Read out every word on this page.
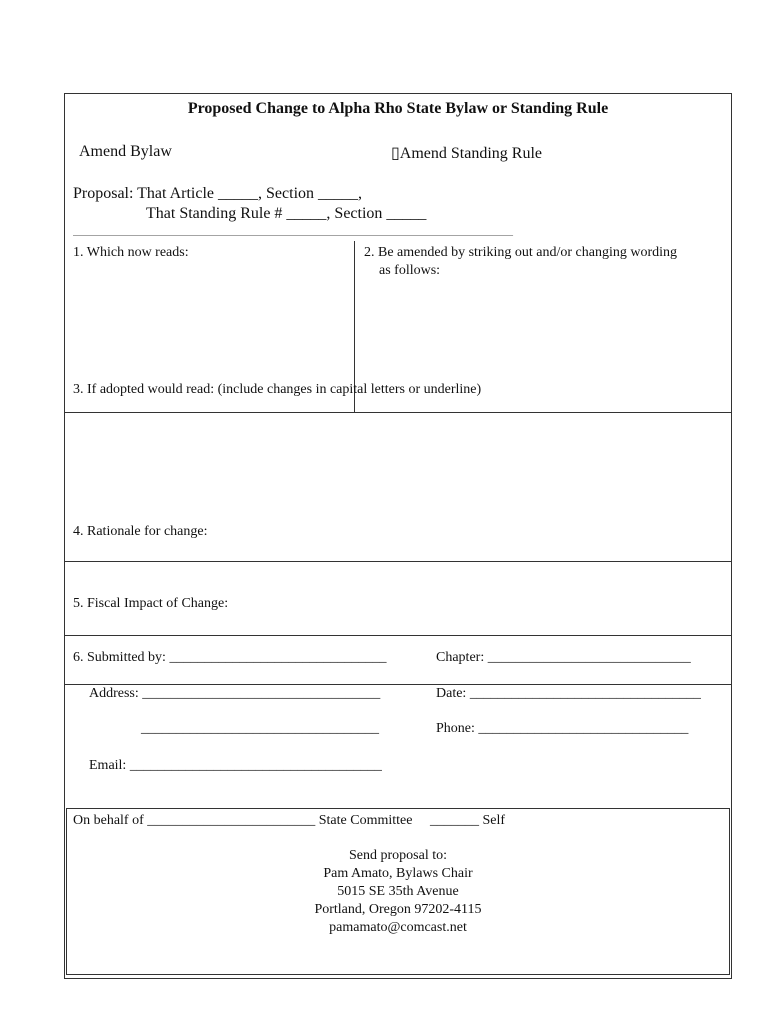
Proposed Change to Alpha Rho State Bylaw or Standing Rule
Amend Bylaw	▯Amend Standing Rule
Proposal: That Article _____, Section _____,
That Standing Rule # _____, Section _____
________________________________________________________________________________________
1. Which now reads:	2. Be amended by striking out and/or changing wording
as follows:
3. If adopted would read: (include changes in capital letters or underline)
4. Rationale for change:
5. Fiscal Impact of Change:
6. Submitted by: _______________________________	Chapter: _____________________________
Address: __________________________________	Date: _________________________________
__________________________________	Phone: ______________________________
Email: ____________________________________
On behalf of ________________________ State Committee     _______ Self
Send proposal to:
Pam Amato, Bylaws Chair
5015 SE 35th Avenue
Portland, Oregon 97202-4115
pamamato@comcast.net
